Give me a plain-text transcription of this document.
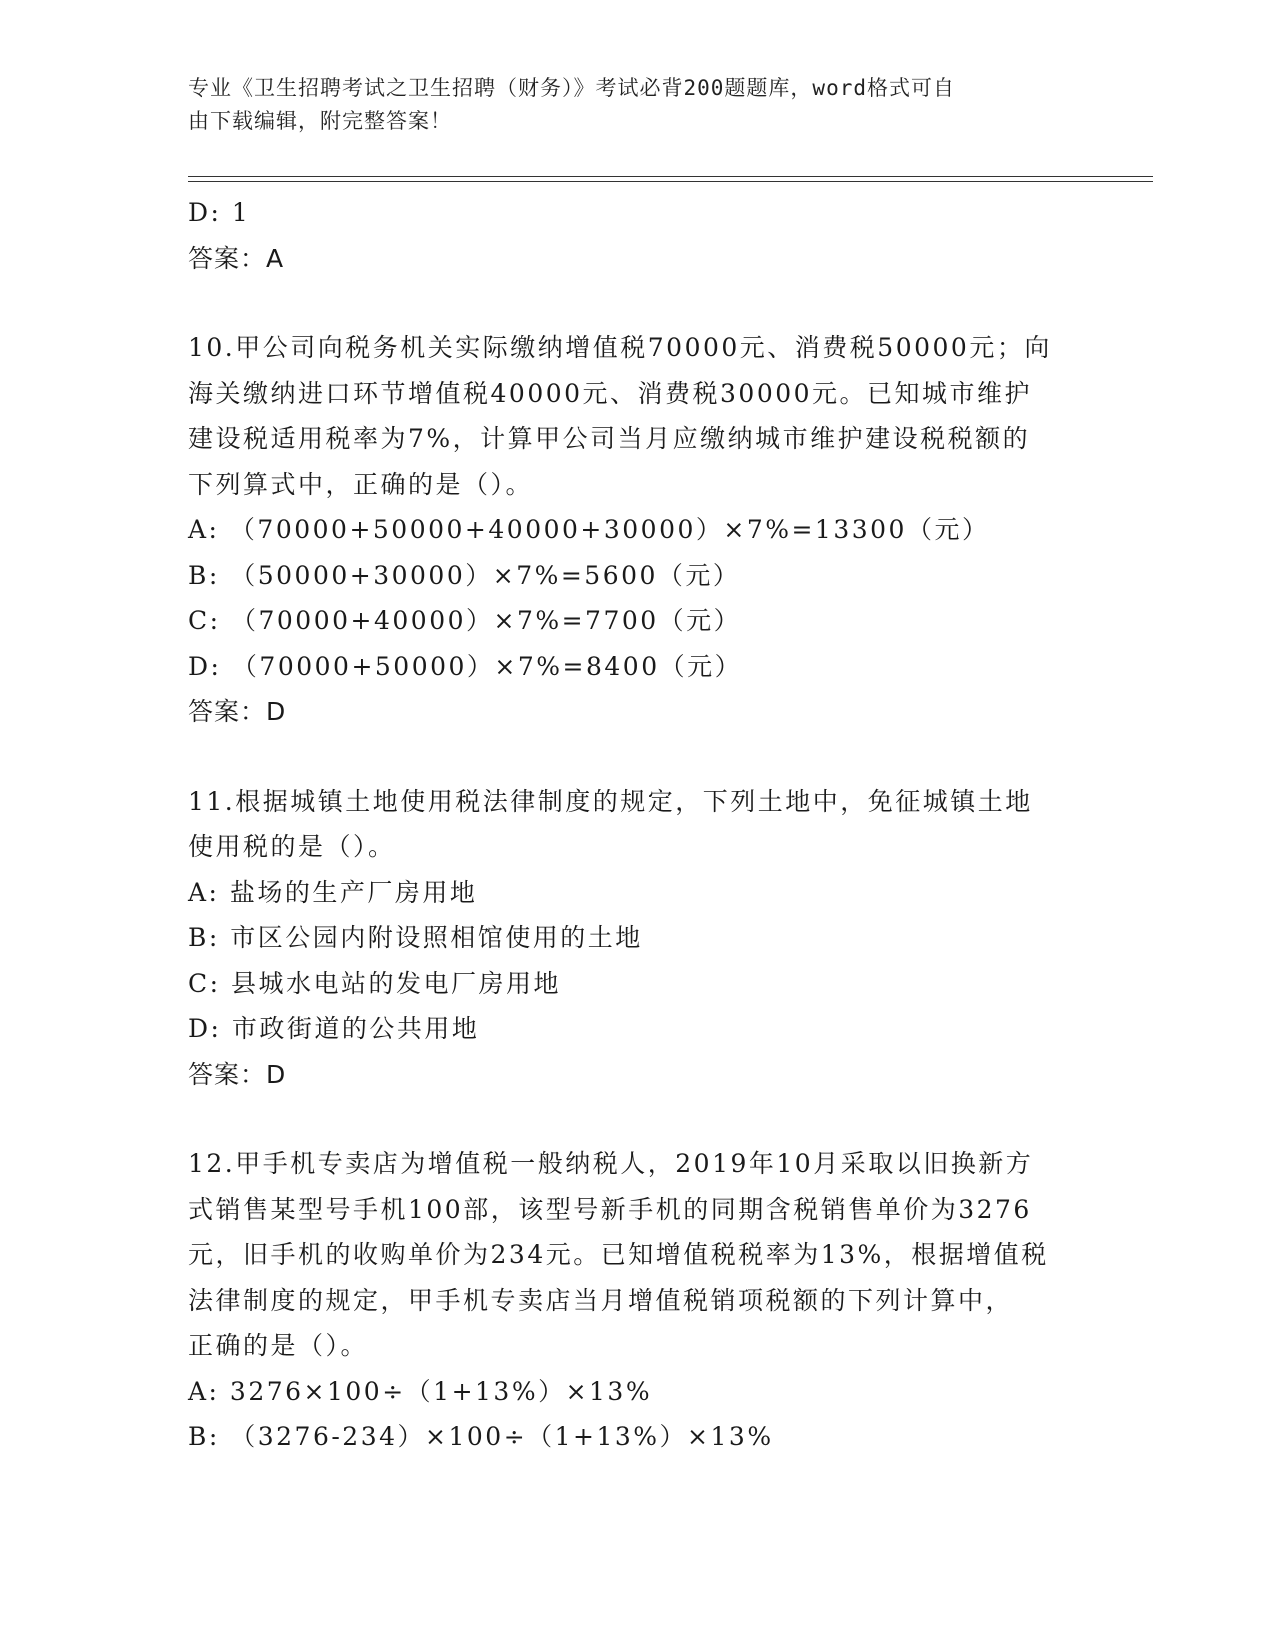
专业《卫生招聘考试之卫生招聘（财务）》考试必背200题题库，word格式可自
由下载编辑，附完整答案！

D: 1

答案：A

10.甲公司向税务机关实际缴纳增值税70000元、消费税50000元；向

海关缴纳进口环节增值税40000元、消费税30000元。已知城市维护

建设税适用税率为7%，计算甲公司当月应缴纳城市维护建设税税额的

下列算式中，正确的是（）。

A: （70000+50000+40000+30000）×7%=13300（元）

B: （50000+30000）×7%=5600（元）

C: （70000+40000）×7%=7700（元）

D: （70000+50000）×7%=8400（元）

答案：D

11.根据城镇土地使用税法律制度的规定，下列土地中，免征城镇土地

使用税的是（）。

A: 盐场的生产厂房用地

B: 市区公园内附设照相馆使用的土地

C: 县城水电站的发电厂房用地

D: 市政街道的公共用地

答案：D

12.甲手机专卖店为增值税一般纳税人，2019年10月采取以旧换新方

式销售某型号手机100部，该型号新手机的同期含税销售单价为3276

元，旧手机的收购单价为234元。已知增值税税率为13%，根据增值税

法律制度的规定，甲手机专卖店当月增值税销项税额的下列计算中，

正确的是（）。

A: 3276×100÷（1+13%）×13%

B: （3276-234）×100÷（1+13%）×13%
